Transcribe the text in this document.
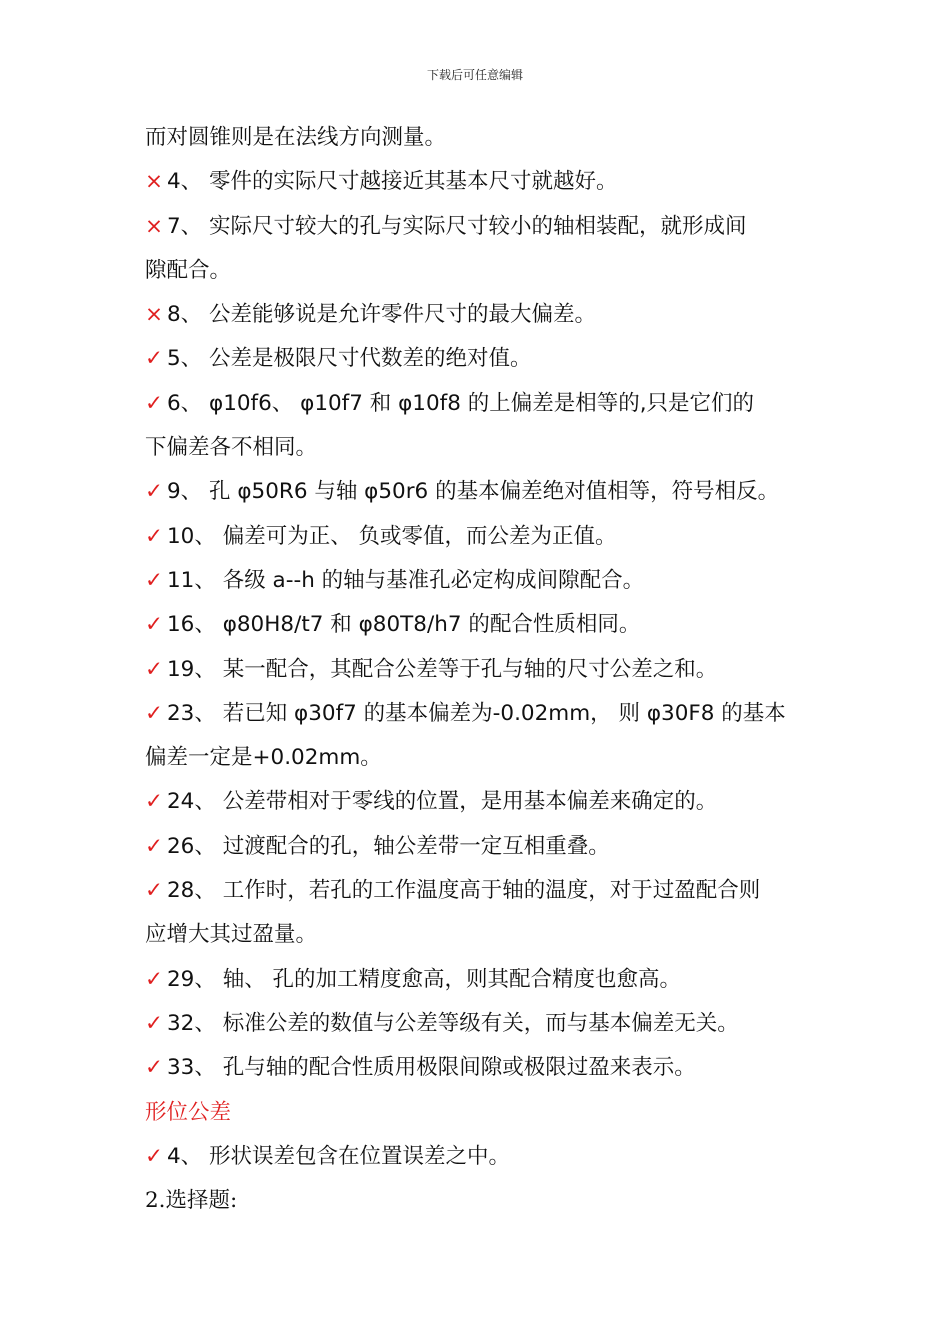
下载后可任意编辑
而对圆锥则是在法线方向测量。
× 4、 零件的实际尺寸越接近其基本尺寸就越好。
× 7、 实际尺寸较大的孔与实际尺寸较小的轴相装配，就形成间
隙配合。
× 8、 公差能够说是允许零件尺寸的最大偏差。
✓ 5、 公差是极限尺寸代数差的绝对值。
✓ 6、 φ10f6、 φ10f7 和 φ10f8 的上偏差是相等的,只是它们的
下偏差各不相同。
✓ 9、 孔 φ50R6 与轴 φ50r6 的基本偏差绝对值相等，符号相反。
✓ 10、 偏差可为正、 负或零值，而公差为正值。
✓ 11、 各级 a--h 的轴与基准孔必定构成间隙配合。
✓ 16、 φ80H8/t7 和 φ80T8/h7 的配合性质相同。
✓ 19、 某一配合，其配合公差等于孔与轴的尺寸公差之和。
✓ 23、 若已知 φ30f7 的基本偏差为-0.02mm， 则 φ30F8 的基本
偏差一定是+0.02mm。
✓ 24、 公差带相对于零线的位置，是用基本偏差来确定的。
✓ 26、 过渡配合的孔，轴公差带一定互相重叠。
✓ 28、 工作时，若孔的工作温度高于轴的温度，对于过盈配合则
应增大其过盈量。
✓ 29、 轴、 孔的加工精度愈高，则其配合精度也愈高。
✓ 32、 标准公差的数值与公差等级有关，而与基本偏差无关。
✓ 33、 孔与轴的配合性质用极限间隙或极限过盈来表示。
形位公差
✓ 4、 形状误差包含在位置误差之中。
2.选择题:
